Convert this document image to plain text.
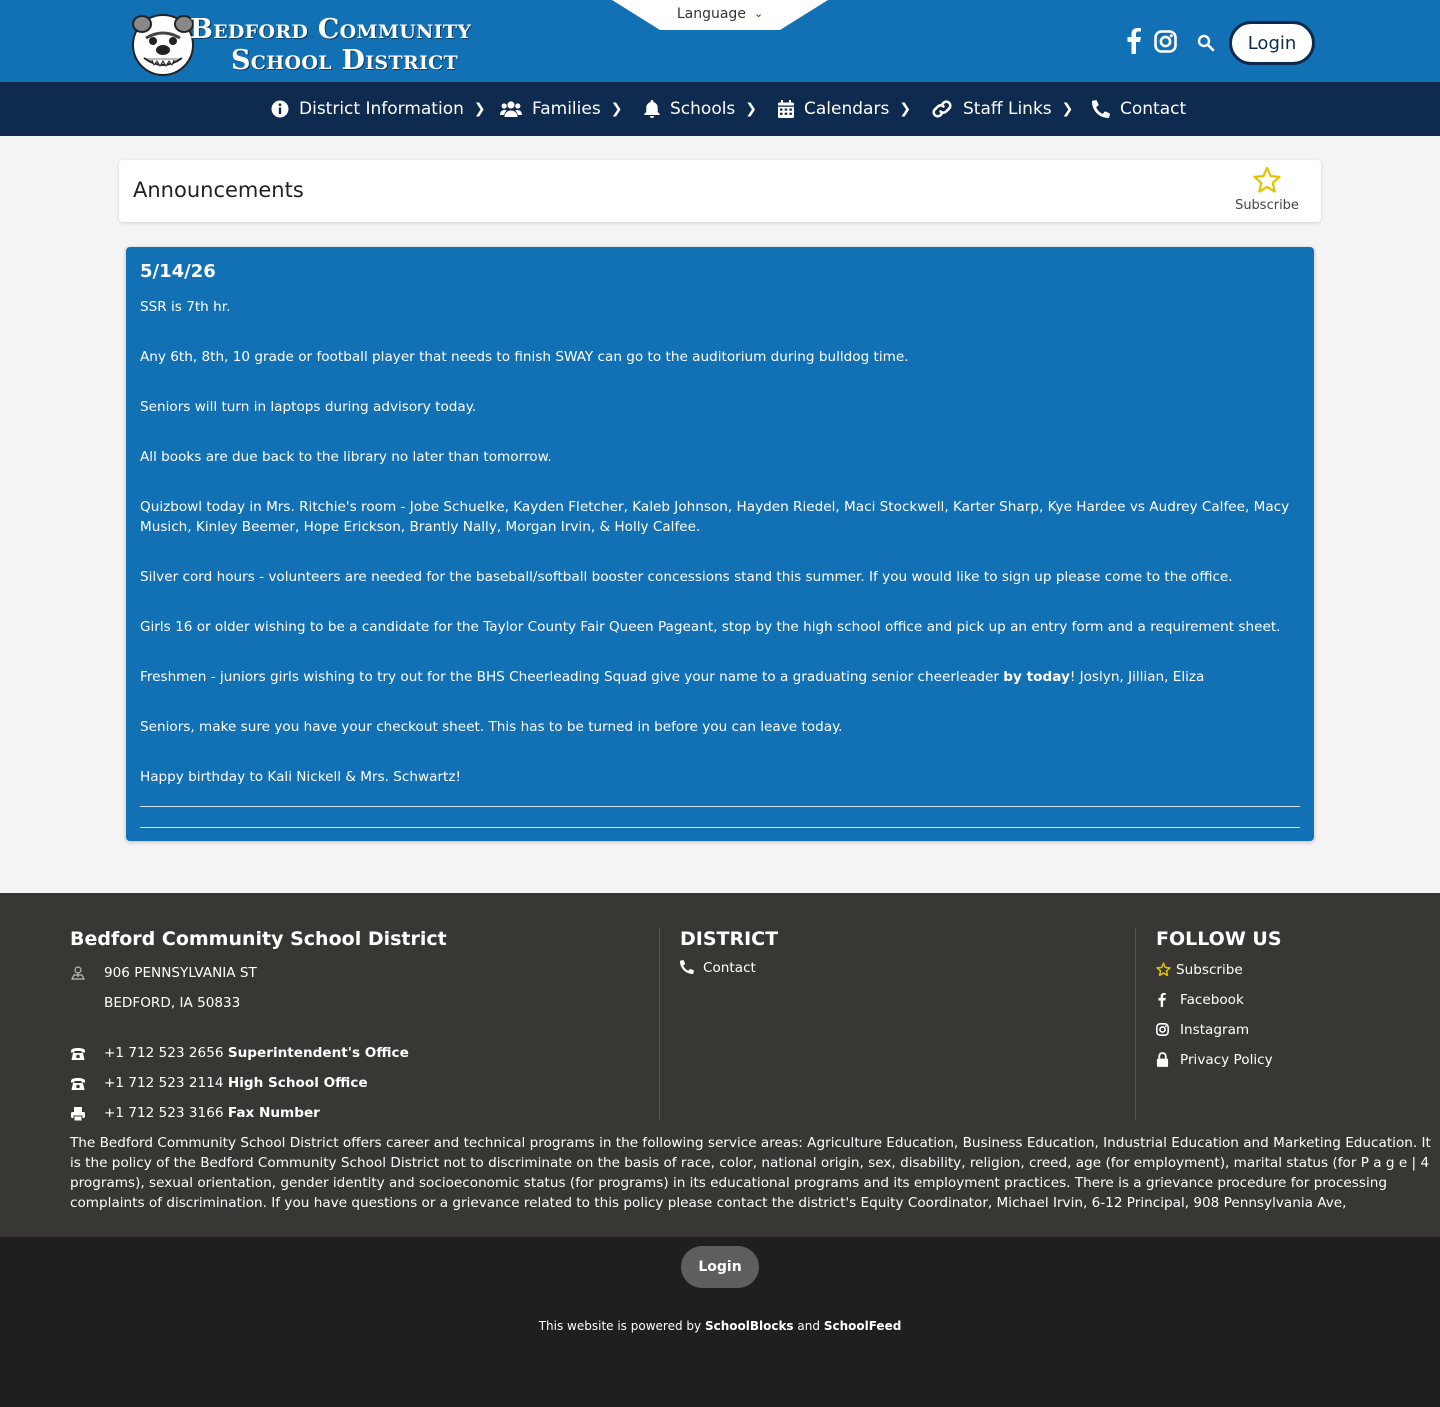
Bedford Community
School District
Language ⌄
Login
District Information ❯	Families ❯	Schools ❯	Calendars ❯	Staff Links ❯	Contact
Announcements
Subscribe
5/14/26

SSR is 7th hr.

Any 6th, 8th, 10 grade or football player that needs to finish SWAY can go to the auditorium during bulldog time.

Seniors will turn in laptops during advisory today.

All books are due back to the library no later than tomorrow.

Quizbowl today in Mrs. Ritchie's room - Jobe Schuelke, Kayden Fletcher, Kaleb Johnson, Hayden Riedel, Maci Stockwell, Karter Sharp, Kye Hardee vs Audrey Calfee, Macy Musich, Kinley Beemer, Hope Erickson, Brantly Nally, Morgan Irvin, & Holly Calfee.

Silver cord hours - volunteers are needed for the baseball/softball booster concessions stand this summer. If you would like to sign up please come to the office.

Girls 16 or older wishing to be a candidate for the Taylor County Fair Queen Pageant, stop by the high school office and pick up an entry form and a requirement sheet.

Freshmen - juniors girls wishing to try out for the BHS Cheerleading Squad give your name to a graduating senior cheerleader by today! Joslyn, Jillian, Eliza

Seniors, make sure you have your checkout sheet. This has to be turned in before you can leave today.

Happy birthday to Kali Nickell & Mrs. Schwartz!

Bedford Community School District
906 PENNSYLVANIA ST
BEDFORD, IA 50833
+1 712 523 2656 Superintendent's Office
+1 712 523 2114 High School Office
+1 712 523 3166 Fax Number
DISTRICT
Contact
FOLLOW US
Subscribe
Facebook
Instagram
Privacy Policy
The Bedford Community School District offers career and technical programs in the following service areas: Agriculture Education, Business Education, Industrial Education and Marketing Education. It is the policy of the Bedford Community School District not to discriminate on the basis of race, color, national origin, sex, disability, religion, creed, age (for employment), marital status (for P a g e | 4 programs), sexual orientation, gender identity and socioeconomic status (for programs) in its educational programs and its employment practices. There is a grievance procedure for processing complaints of discrimination. If you have questions or a grievance related to this policy please contact the district's Equity Coordinator, Michael Irvin, 6-12 Principal, 908 Pennsylvania Ave,
Login
This website is powered by SchoolBlocks and SchoolFeed
